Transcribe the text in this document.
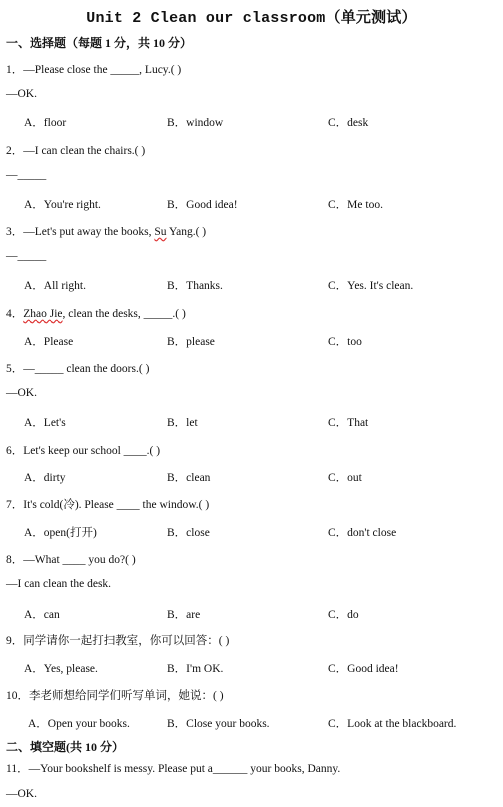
Unit 2 Clean our classroom（单元测试）
一、选择题（每题 1 分，共 10 分）
1．—Please close the _____, Lucy.( )
—OK.
A．floor	B．window	C．desk
2．—I can clean the chairs.( )
—_____
A．You're right.	B．Good idea!	C．Me too.
3．—Let's put away the books, Su Yang.( )
—_____
A．All right.	B．Thanks.	C．Yes. It's clean.
4．Zhao Jie, clean the desks, _____.( )
A．Please	B．please	C．too
5．—_____ clean the doors.( )
—OK.
A．Let's	B．let	C．That
6．Let's keep our school ____.( )
A．dirty	B．clean	C．out
7．It's cold(冷). Please ____ the window.( )
A．open(打开)	B．close	C．don't close
8．—What ____ you do?( )
—I can clean the desk.
A．can	B．are	C．do
9．同学请你一起打扫教室，你可以回答：( )
A．Yes, please.	B．I'm OK.	C．Good idea!
10．李老师想给同学们听写单词，她说：( )
A．Open your books.	B．Close your books.	C．Look at the blackboard.
二、填空题(共 10 分）
11．—Your bookshelf is messy. Please put a______ your books, Danny.
—OK.
